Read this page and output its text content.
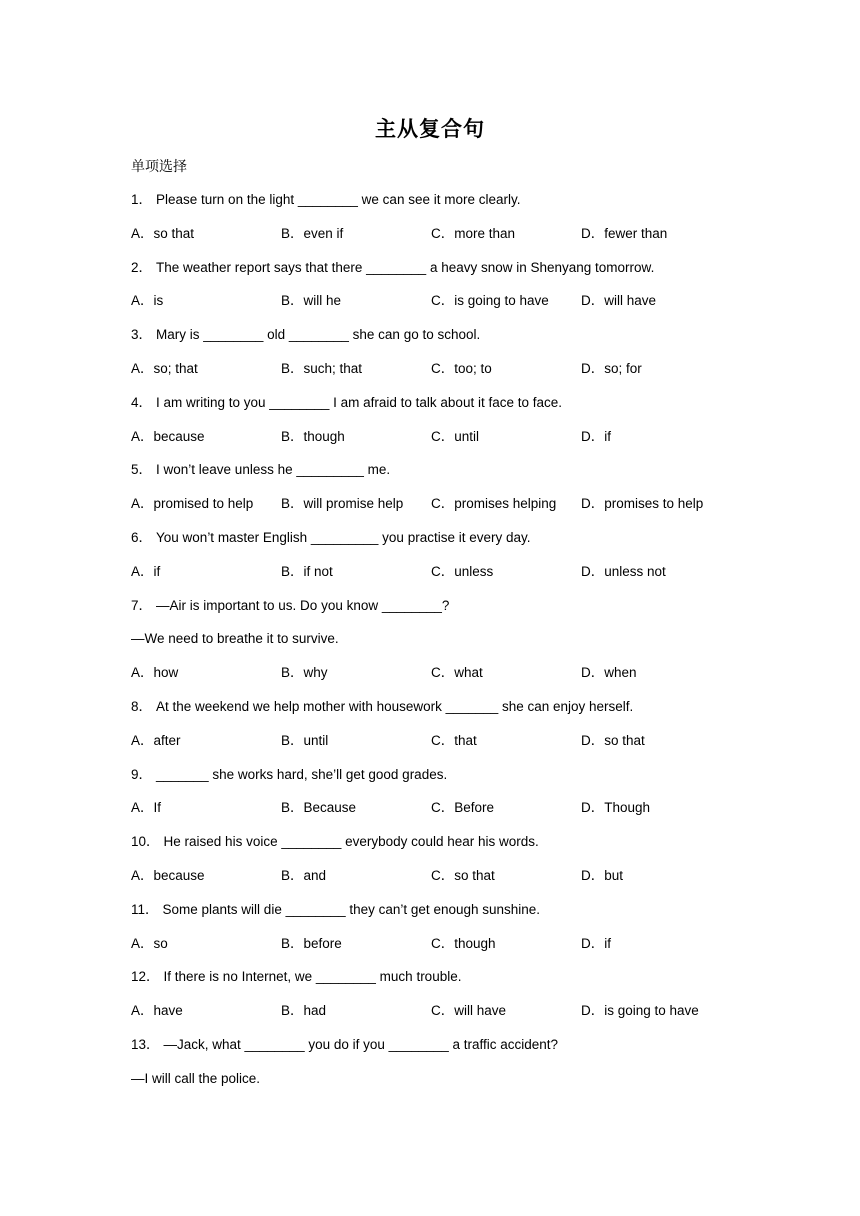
主从复合句
单项选择
1． Please turn on the light ________ we can see it more clearly.
A．so that	B．even if	C．more than	D．fewer than
2． The weather report says that there ________ a heavy snow in Shenyang tomorrow.
A．is	B．will he	C．is going to have	D．will have
3． Mary is ________ old ________ she can go to school.
A．so; that	B．such; that	C．too; to	D．so; for
4． I am writing to you ________ I am afraid to talk about it face to face.
A．because	B．though	C．until	D．if
5． I won’t leave unless he _________ me.
A．promised to help	B．will promise help	C．promises helping	D．promises to help
6． You won’t master English _________ you practise it every day.
A．if	B．if not	C．unless	D．unless not
7． —Air is important to us. Do you know ________?
—We need to breathe it to survive.
A．how	B．why	C．what	D．when
8． At the weekend we help mother with housework _______ she can enjoy herself.
A．after	B．until	C．that	D．so that
9． _______ she works hard, she’ll get good grades.
A．If	B．Because	C．Before	D．Though
10． He raised his voice ________ everybody could hear his words.
A．because	B．and	C．so that	D．but
11． Some plants will die ________ they can’t get enough sunshine.
A．so	B．before	C．though	D．if
12． If there is no Internet, we ________ much trouble.
A．have	B．had	C．will have	D．is going to have
13． —Jack, what ________ you do if you ________ a traffic accident?
—I will call the police.
